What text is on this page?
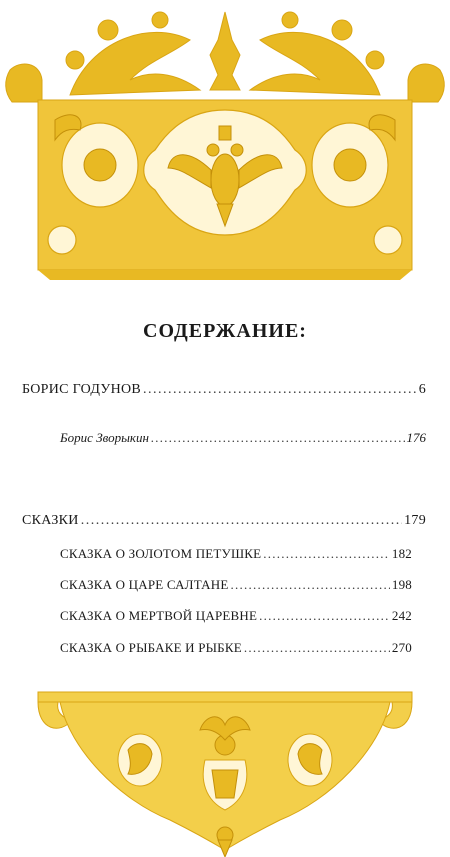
СОДЕРЖАНИЕ:
БОРИС ГОДУНОВ . . .	6
Борис Зворыкин . . .	176
СКАЗКИ . . .	179
СКАЗКА О ЗОЛОТОМ ПЕТУШКЕ . . .	182
СКАЗКА О ЦАРЕ САЛТАНЕ . . .	198
СКАЗКА О МЕРТВОЙ ЦАРЕВНЕ . . .	242
СКАЗКА О РЫБАКЕ И РЫБКЕ . . .	270
